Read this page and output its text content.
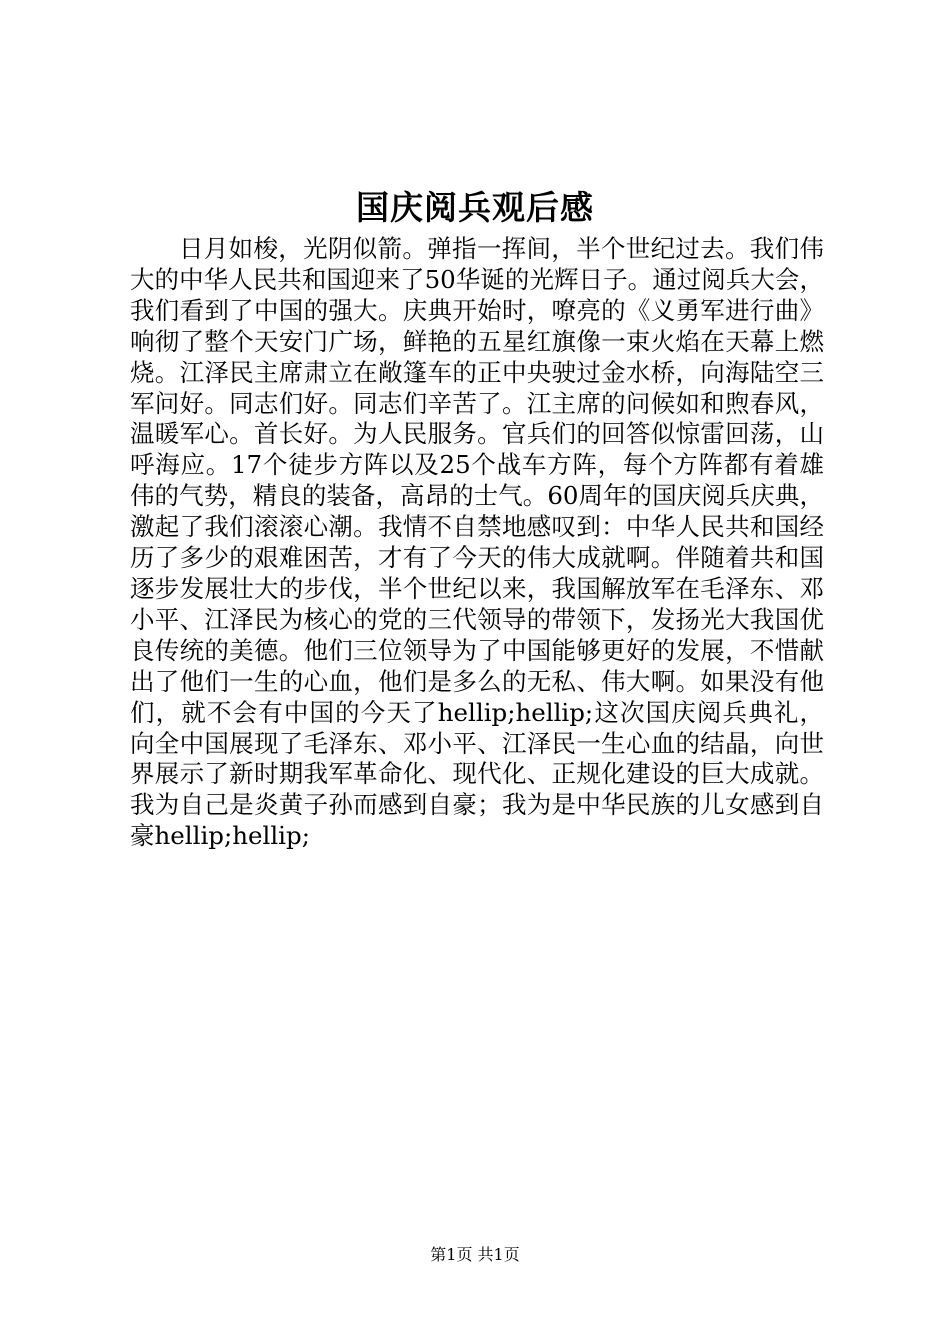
国庆阅兵观后感

日月如梭，光阴似箭。弹指一挥间，半个世纪过去。我们伟大的中华人民共和国迎来了50华诞的光辉日子。通过阅兵大会，我们看到了中国的强大。庆典开始时，嘹亮的《义勇军进行曲》响彻了整个天安门广场，鲜艳的五星红旗像一束火焰在天幕上燃烧。江泽民主席肃立在敞篷车的正中央驶过金水桥，向海陆空三军问好。同志们好。同志们辛苦了。江主席的问候如和煦春风，温暖军心。首长好。为人民服务。官兵们的回答似惊雷回荡，山呼海应。17个徒步方阵以及25个战车方阵，每个方阵都有着雄伟的气势，精良的装备，高昂的士气。60周年的国庆阅兵庆典，激起了我们滚滚心潮。我情不自禁地感叹到：中华人民共和国经历了多少的艰难困苦，才有了今天的伟大成就啊。伴随着共和国逐步发展壮大的步伐，半个世纪以来，我国解放军在毛泽东、邓小平、江泽民为核心的党的三代领导的带领下，发扬光大我国优良传统的美德。他们三位领导为了中国能够更好的发展，不惜献出了他们一生的心血，他们是多么的无私、伟大啊。如果没有他们，就不会有中国的今天了hellip;hellip;这次国庆阅兵典礼，向全中国展现了毛泽东、邓小平、江泽民一生心血的结晶，向世界展示了新时期我军革命化、现代化、正规化建设的巨大成就。我为自己是炎黄子孙而感到自豪；我为是中华民族的儿女感到自豪hellip;hellip;

第1页 共1页
